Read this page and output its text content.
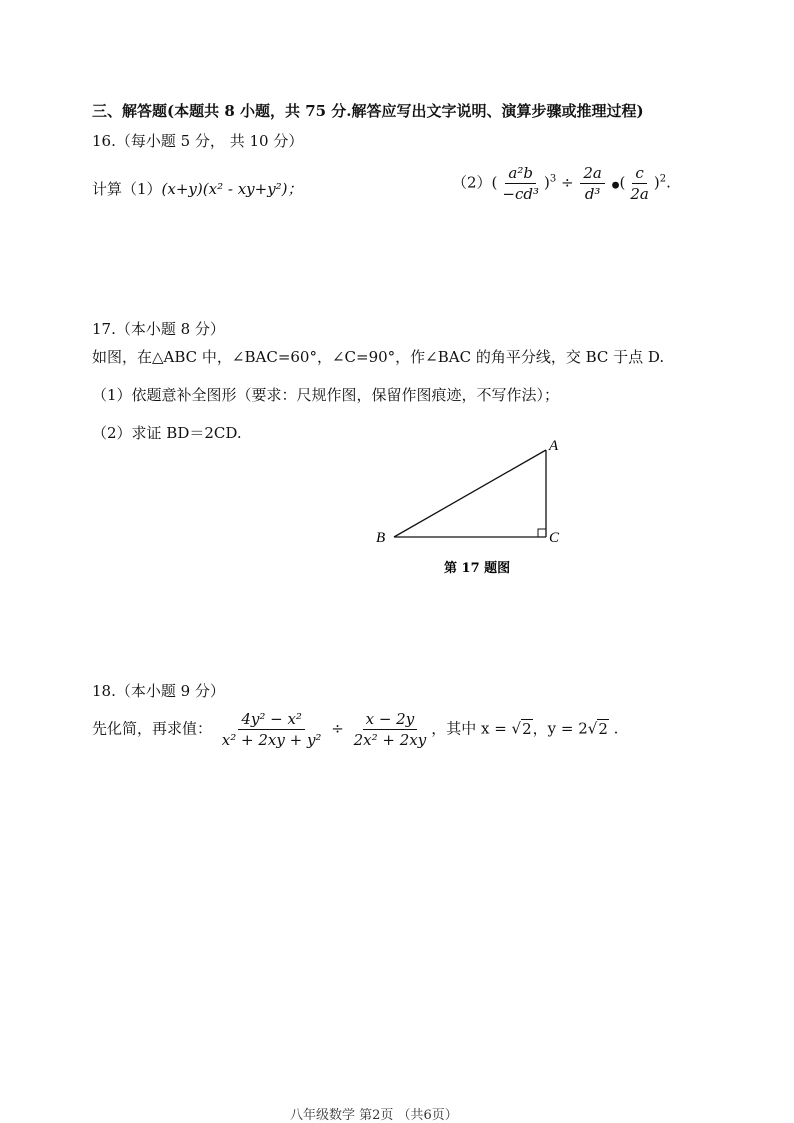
三、解答题(本题共 8 小题，共 75 分.解答应写出文字说明、演算步骤或推理过程)
16.（每小题 5 分， 共 10 分）
计算（1）(x+y)(x² - xy+y²)；	$(2)( \frac{\text{a²b}}{\text{−cd³}} )^3 \div \frac{2a}{\text{d³}}$ ●( $\frac{c}{2a} )^2$.
17.（本小题 8 分）
如图，在△ABC 中，∠BAC=60°，∠C=90°，作∠BAC 的角平分线，交 BC 于点 D.
（1）依题意补全图形（要求：尺规作图，保留作图痕迹，不写作法）；
（2）求证 BD＝2CD.
A
B	C
第 17 题图
18.（本小题 9 分）
先化简，再求值： $\frac{\text{4y² − x²}}{\text{x² + 2xy + y²}} \div \frac{x - 2y}{\text{2x² + 2xy}}$ ，其中 x = √2，y = 2√2 .
八年级数学 第2页 （共6页）
